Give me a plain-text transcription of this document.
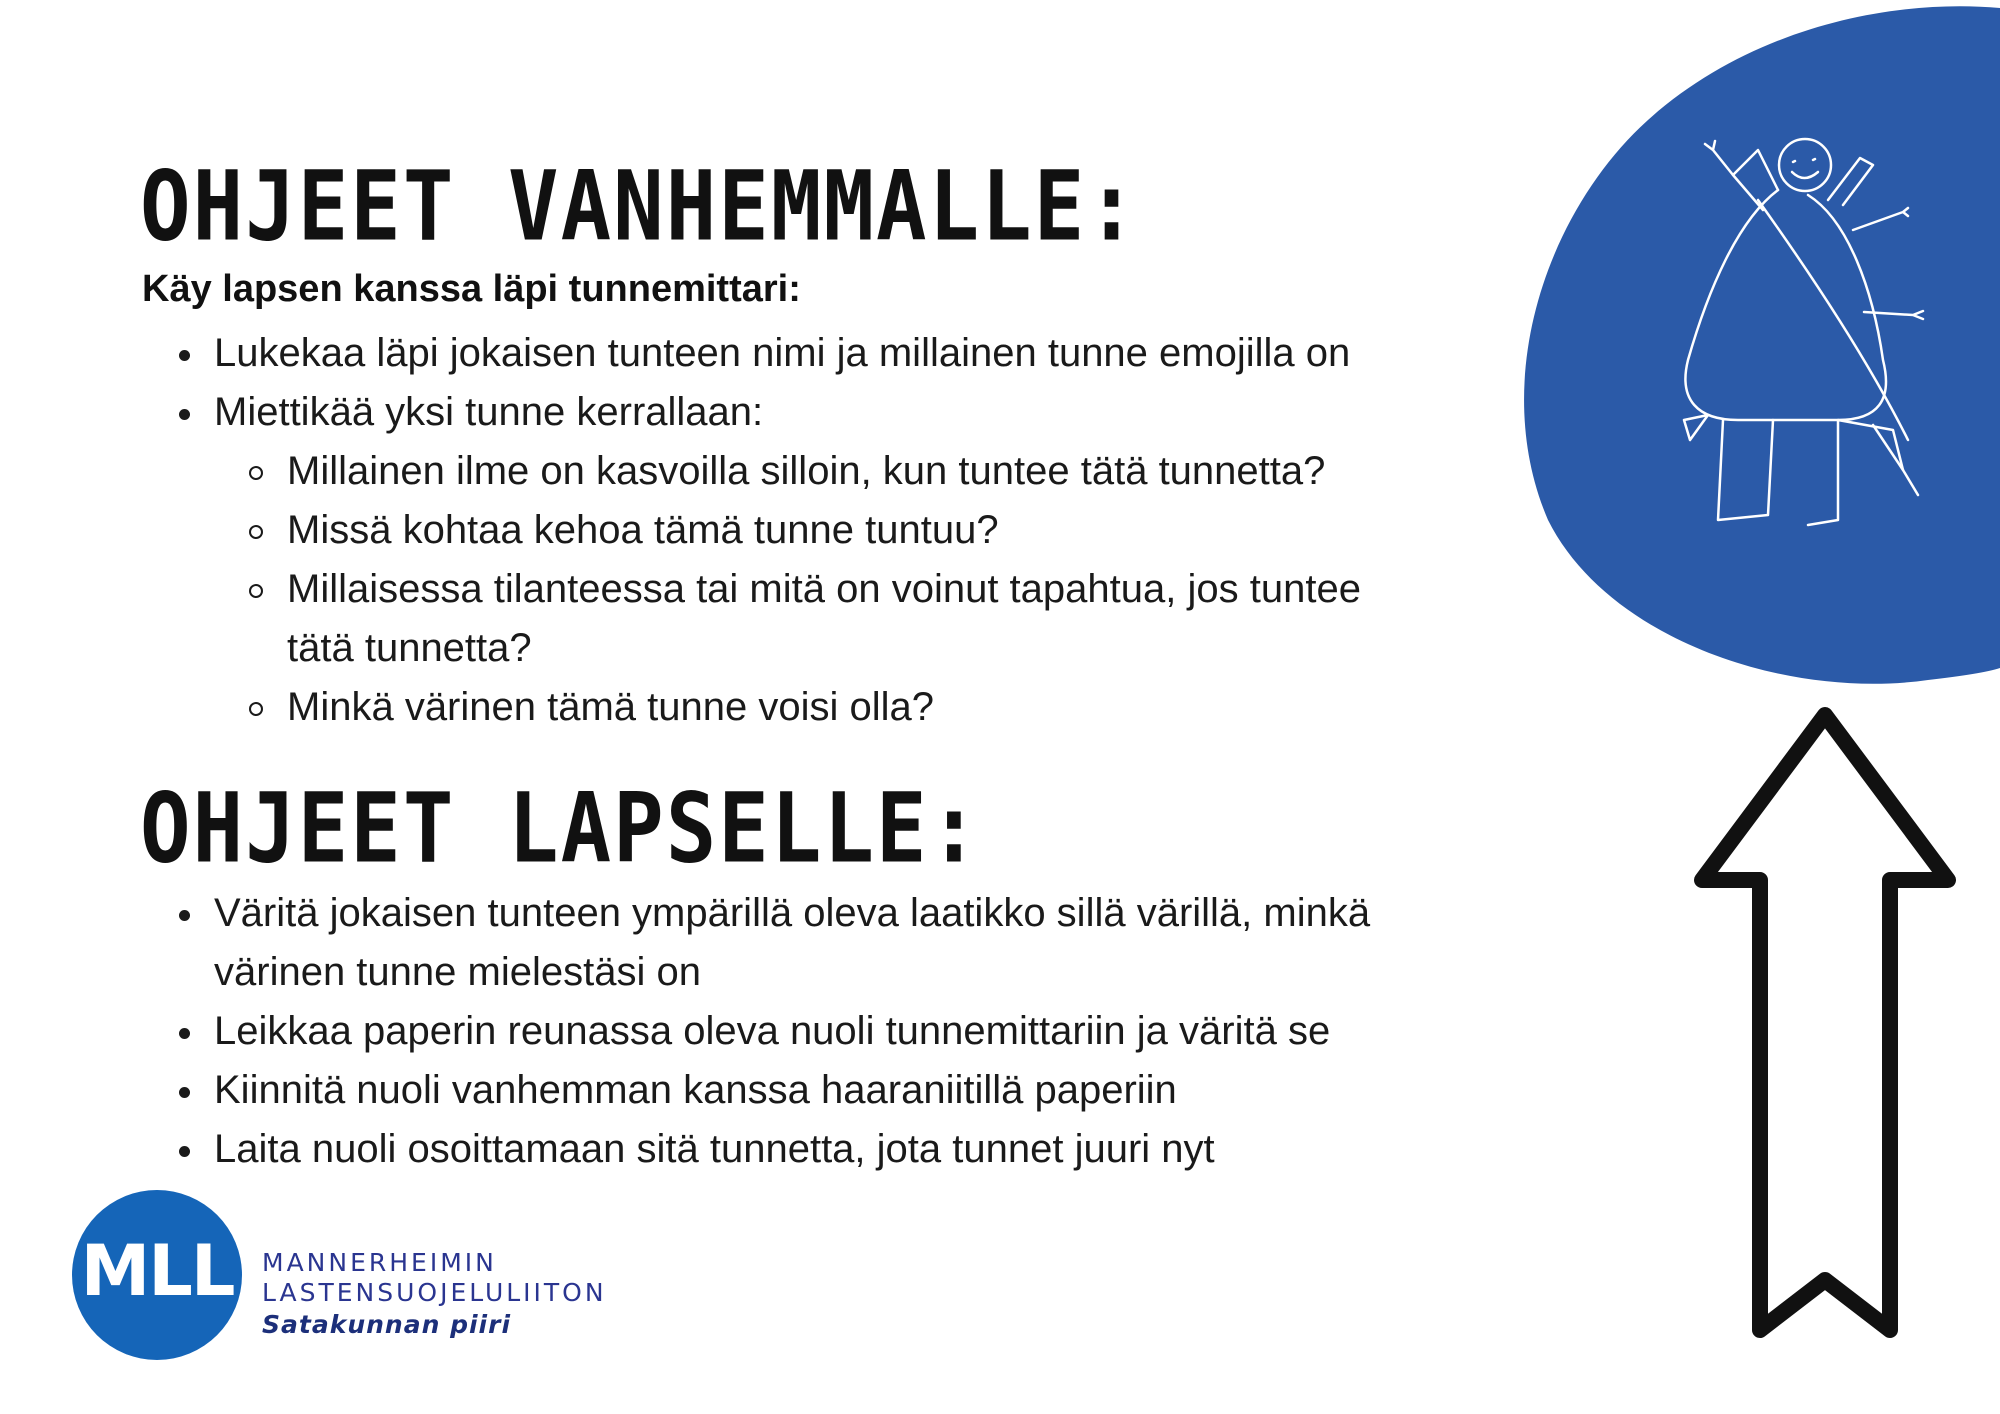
OHJEET VANHEMMALLE:

Käy lapsen kanssa läpi tunnemittari:

Lukekaa läpi jokaisen tunteen nimi ja millainen tunne emojilla on
Miettikää yksi tunne kerrallaan:
Millainen ilme on kasvoilla silloin, kun tuntee tätä tunnetta?
Missä kohtaa kehoa tämä tunne tuntuu?
Millaisessa tilanteessa tai mitä on voinut tapahtua, jos tuntee
tätä tunnetta?
Minkä värinen tämä tunne voisi olla?
OHJEET LAPSELLE:
Väritä jokaisen tunteen ympärillä oleva laatikko sillä värillä, minkä
värinen tunne mielestäsi on
Leikkaa paperin reunassa oleva nuoli tunnemittariin ja väritä se
Kiinnitä nuoli vanhemman kanssa haaraniitillä paperiin
Laita nuoli osoittamaan sitä tunnetta, jota tunnet juuri nyt
MLL	MANNERHEIMIN

LASTENSUOJELULIITON

Satakunnan piiri
